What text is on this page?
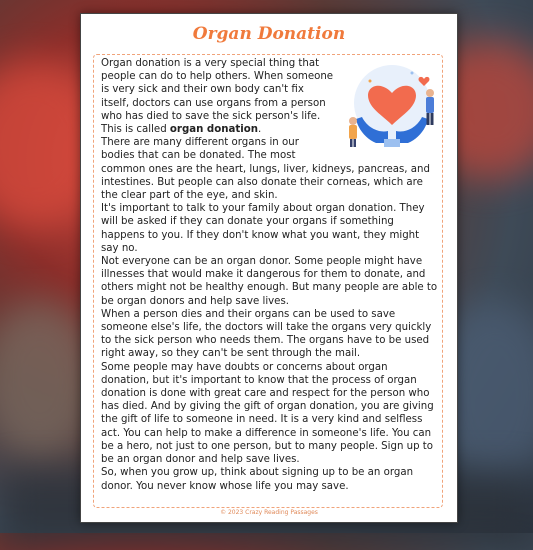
Organ Donation

Organ donation is a very special thing that people can do to help others. When someone is very sick and their own body can't fix itself, doctors can use organs from a person who has died to save the sick person's life. This is called organ donation.

There are many different organs in our bodies that can be donated. The most common ones are the heart, lungs, liver, kidneys, pancreas, and intestines. But people can also donate their corneas, which are the clear part of the eye, and skin.

It's important to talk to your family about organ donation. They will be asked if they can donate your organs if something happens to you. If they don't know what you want, they might say no.

Not everyone can be an organ donor. Some people might have illnesses that would make it dangerous for them to donate, and others might not be healthy enough. But many people are able to be organ donors and help save lives.

When a person dies and their organs can be used to save someone else's life, the doctors will take the organs very quickly to the sick person who needs them. The organs have to be used right away, so they can't be sent through the mail.

Some people may have doubts or concerns about organ donation, but it's important to know that the process of organ donation is done with great care and respect for the person who has died. And by giving the gift of organ donation, you are giving the gift of life to someone in need. It is a very kind and selfless act. You can help to make a difference in someone's life. You can be a hero, not just to one person, but to many people. Sign up to be an organ donor and help save lives.

So, when you grow up, think about signing up to be an organ donor. You never know whose life you may save.

© 2023 Crazy Reading Passages
